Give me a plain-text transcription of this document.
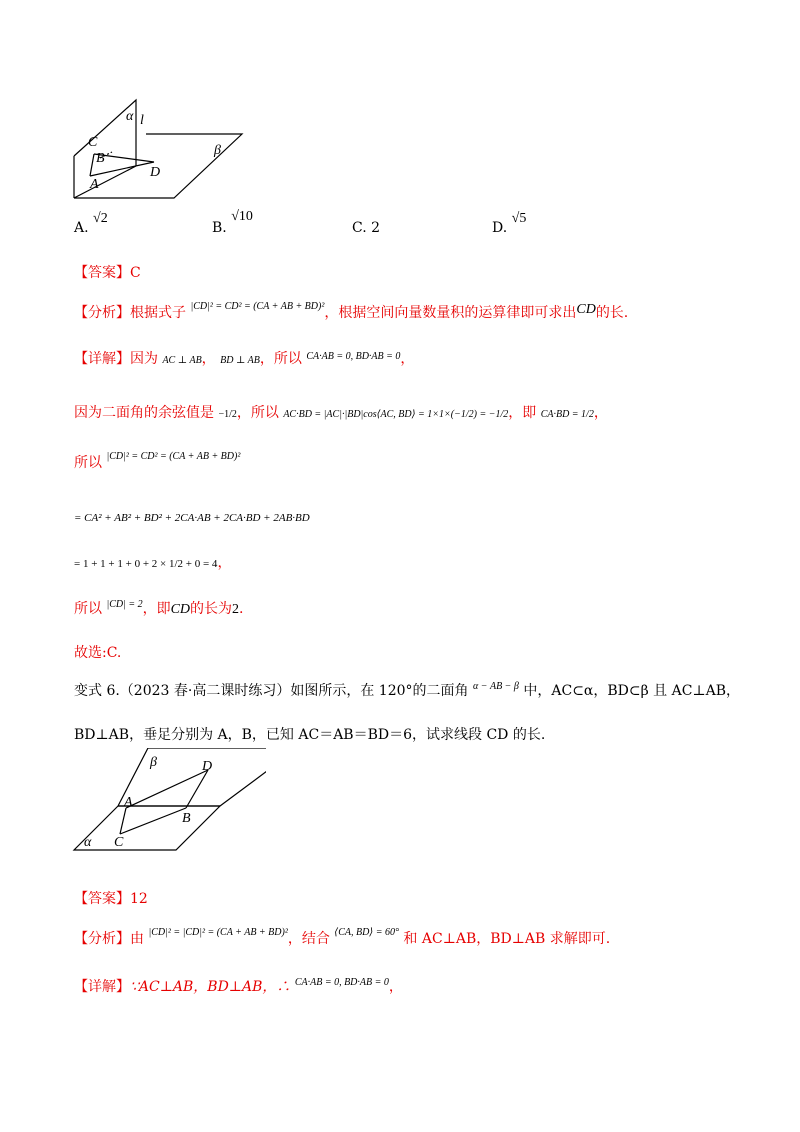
α l
β
C
B
D
A
A. √2
B. √10
C. 2	D. √5
【答案】C
【分析】根据式子 $^{|CD|^2 = CD^2 = (CA + AB + BD)^2}$，根据空间向量数量积的运算律即可求出CD的长.
【详解】因为 AC ⊥ AB， BD ⊥ AB，所以 $^{CA\cdot AB = 0, BD\cdot AB = 0}$，
因为二面角的余弦值是 −1/2，所以 AC·BD = |AC|·|BD|cos⟨AC, BD⟩ = 1×1×(−1/2) = −1/2，即 CA·BD = 1/2，
所以 $^{|CD|^2 = CD^2 = (CA + AB + BD)^2}$
= CA² + AB² + BD² + 2CA·AB + 2CA·BD + 2AB·BD
= 1 + 1 + 1 + 0 + 2 × 1/2 + 0 = 4，
所以 $^{|CD| = 2}$，即CD的长为2.
故选:C.
变式 6.（2023 春·高二课时练习）如图所示，在 120°的二面角 $^{\alpha - AB - \beta}$ 中，AC⊂α，BD⊂β 且 AC⊥AB，
BD⊥AB，垂足分别为 A，B，已知 AC＝AB＝BD＝6，试求线段 CD 的长.
β	D
A
B
α C
【答案】12
【分析】由 $^{|CD|^2 = |CD|^2 = (CA + AB + BD)^2}$，结合 $^{⟨CA, BD⟩ = 60^\circ}$ 和 AC⊥AB，BD⊥AB 求解即可.
【详解】∵AC⊥AB，BD⊥AB，∴ $^{CA\cdot AB = 0, BD\cdot AB = 0}$，
